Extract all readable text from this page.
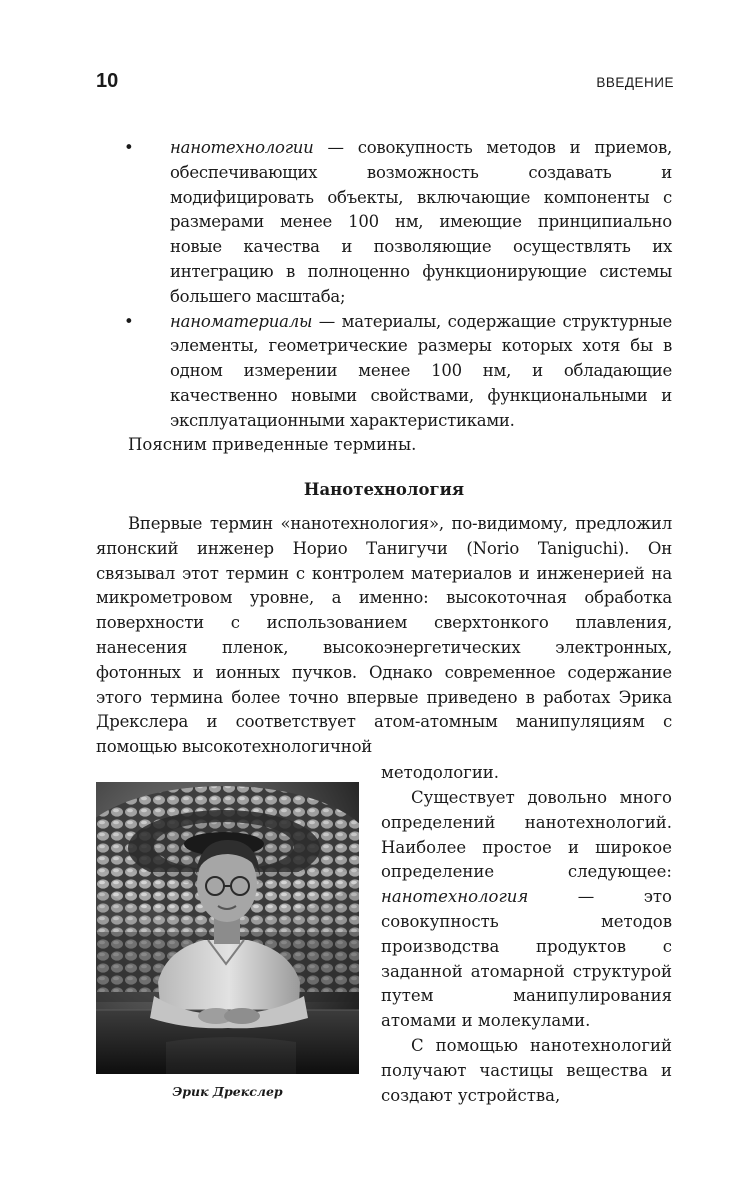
10	ВВЕДЕНИЕ
• нанотехнологии — совокупность методов и приемов, обеспечивающих возможность создавать и модифицировать объекты, включающие компоненты с размерами менее 100 нм, имеющие принципиально новые качества и позволяющие осуществлять их интеграцию в полноценно функционирующие системы большего масштаба;
• наноматериалы — материалы, содержащие структурные элементы, геометрические размеры которых хотя бы в одном измерении менее 100 нм, и обладающие качественно новыми свойствами, функциональными и эксплуатационными характеристиками.

Поясним приведенные термины.

Нанотехнология

Впервые термин «нанотехнология», по-видимому, предложил японский инженер Норио Танигучи (Norio Taniguchi). Он связывал этот термин с контролем материалов и инженерией на микрометровом уровне, а именно: высокоточная обработка поверхности с использованием сверхтонкого плавления, нанесения пленок, высокоэнергетических электронных, фотонных и ионных пучков. Однако современное содержание этого термина более точно впервые приведено в работах Эрика Дрекслера и соответствует атом-атомным манипуляциям с помощью высокотехнологичной

методологии.

Эрик Дрекслер

Существует довольно много определений нанотехнологий. Наиболее простое и широкое определение следующее: нанотехнология — это совокупность методов производства продуктов с заданной атомарной структурой путем манипулирования атомами и молекулами.

С помощью нанотехнологий получают частицы вещества и создают устройства,
